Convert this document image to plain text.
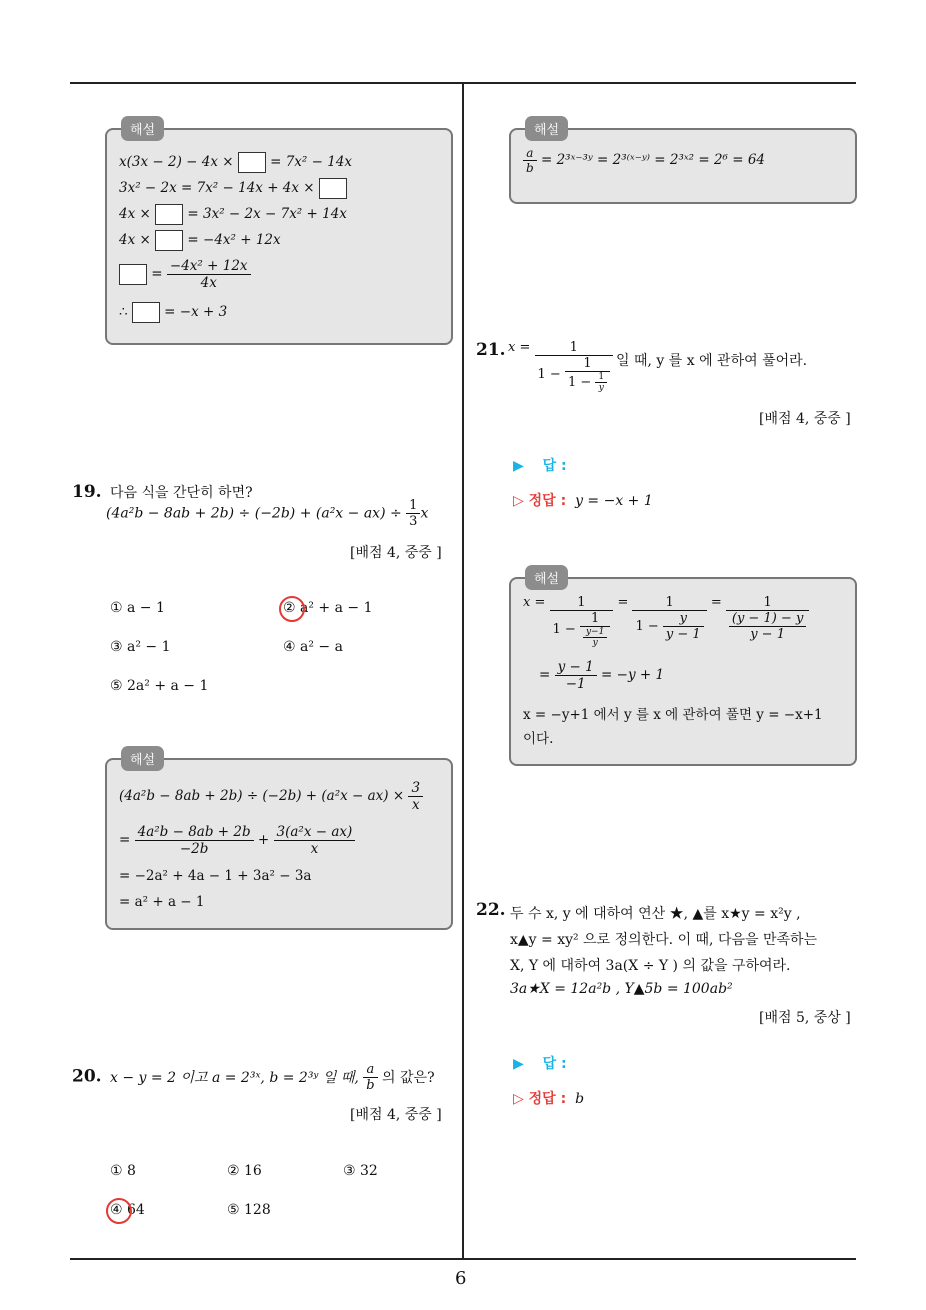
6
해설
x(3x − 2) − 4x ×  = 7x² − 14x
3x² − 2x = 7x² − 14x + 4x ×
4x ×  = 3x² − 2x − 7x² + 14x
4x ×  = −4x² + 12x
= $\frac{\text{−4x² + 12x}}{4x}$
∴  = −x + 3
19. 다음 식을 간단히 하면?
$(4a^2b - 8ab + 2b) \div (-2b) + (a^2x - ax) \div \frac{1}{3}$ x
[배점 4, 중중 ]
① a − 1	② a² + a − 1
③ a² − 1	④ a² − a
⑤ 2a² + a − 1
해설
$(4a^2b - 8ab + 2b) \div (-2b) + (a^2x - ax) \times \frac{3}{x}$
= $\frac{\text{4a²b − 8ab + 2b}}{-2b} + \frac{\text{3(a²x − ax)}}{x}$
= −2a² + 4a − 1 + 3a² − 3a
= a² + a − 1
20. x − y = 2 이고 a = 2³ˣ, b = 2³ʸ 일 때, $\frac{a}{b}$ 의 값은?
[배점 4, 중중 ]
① 8	② 16	③ 32
④ 64	⑤ 128
해설
$\frac{a}{b}$ = 2³ˣ⁻³ʸ = 2³⁽ˣ⁻ʸ⁾ = 2³ˣ² = 2⁶ = 64
21. $x = \frac{1}{1 - \frac{1}{1 - \frac{1}{y}}}$ 일 때, y 를 x 에 관하여 풀어라.
[배점 4, 중중 ]
▶ 답 :
▷ 정답 : y = −x + 1
해설
$x = \frac{1}{1 - \frac{1}{\frac{y-1}{y}}} = \frac{1}{1 - \frac{y}{y - 1}} = \frac{1}{\frac{(y - 1) - y}{y - 1}}$
= $\frac{y - 1}{-1} = -y + 1$
x = −y+1 에서 y 를 x 에 관하여 풀면 y = −x+1
이다.
22. 두 수 x, y 에 대하여 연산 ★, ▲를 x★y = x²y ,
x▲y = xy² 으로 정의한다. 이 때, 다음을 만족하는
X, Y 에 대하여 3a(X ÷ Y ) 의 값을 구하여라.
3a★X = 12a²b , Y▲5b = 100ab²
[배점 5, 중상 ]
▶ 답 :
▷ 정답 : b
